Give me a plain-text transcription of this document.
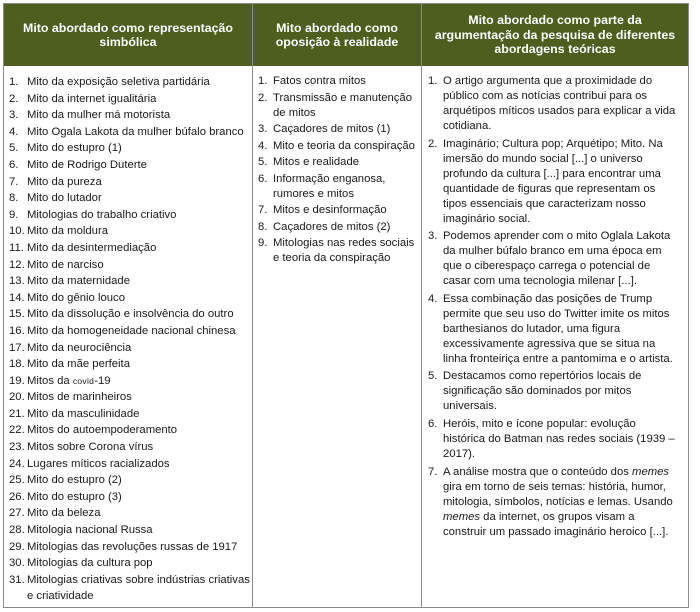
Mito abordado como representação simbólica
Mito abordado como oposição à realidade
Mito abordado como parte da argumentação da pesquisa de diferentes abordagens teóricas
1. Mito da exposição seletiva partidária
2. Mito da internet igualitária
3. Mito da mulher má motorista
4. Mito Ogala Lakota da mulher búfalo branco
5. Mito do estupro (1)
6. Mito de Rodrigo Duterte
7. Mito da pureza
8. Mito do lutador
9. Mitologias do trabalho criativo
10. Mito da moldura
11. Mito da desintermediação
12. Mito de narciso
13. Mito da maternidade
14. Mito do gênio louco
15. Mito da dissolução e insolvência do outro
16. Mito da homogeneidade nacional chinesa
17. Mito da neurociência
18. Mito da mãe perfeita
19. Mitos da covid-19
20. Mitos de marinheiros
21. Mito da masculinidade
22. Mitos do autoempoderamento
23. Mitos sobre Corona vírus
24. Lugares míticos racializados
25. Mito do estupro (2)
26. Mito do estupro (3)
27. Mito da beleza
28. Mitologia nacional Russa
29. Mitologias das revoluções russas de 1917
30. Mitologias da cultura pop
31. Mitologias criativas sobre indústrias criativas e criatividade
1. Fatos contra mitos
2. Transmissão e manutenção de mitos
3. Caçadores de mitos (1)
4. Mito e teoria da conspiração
5. Mitos e realidade
6. Informação enganosa, rumores e mitos
7. Mitos e desinformação
8. Caçadores de mitos (2)
9. Mitologias nas redes sociais e teoria da conspiração
1. O artigo argumenta que a proximidade do público com as notícias contribui para os arquétipos míticos usados para explicar a vida cotidiana.
2. Imaginário; Cultura pop; Arquétipo; Mito. Na imersão do mundo social [...] o universo profundo da cultura [...] para encontrar uma quantidade de figuras que representam os tipos essenciais que caracterizam nosso imaginário social.
3. Podemos aprender com o mito Oglala Lakota da mulher búfalo branco em uma época em que o ciberespaço carrega o potencial de casar com uma tecnologia milenar [...].
4. Essa combinação das posições de Trump permite que seu uso do Twitter imite os mitos barthesianos do lutador, uma figura excessivamente agressiva que se situa na linha fronteiriça entre a pantomima e o artista.
5. Destacamos como repertórios locais de significação são dominados por mitos universais.
6. Heróis, mito e ícone popular: evolução histórica do Batman nas redes sociais (1939 – 2017).
7. A análise mostra que o conteúdo dos memes gira em torno de seis temas: história, humor, mitologia, símbolos, notícias e lemas. Usando memes da internet, os grupos visam a construir um passado imaginário heroico [...].
